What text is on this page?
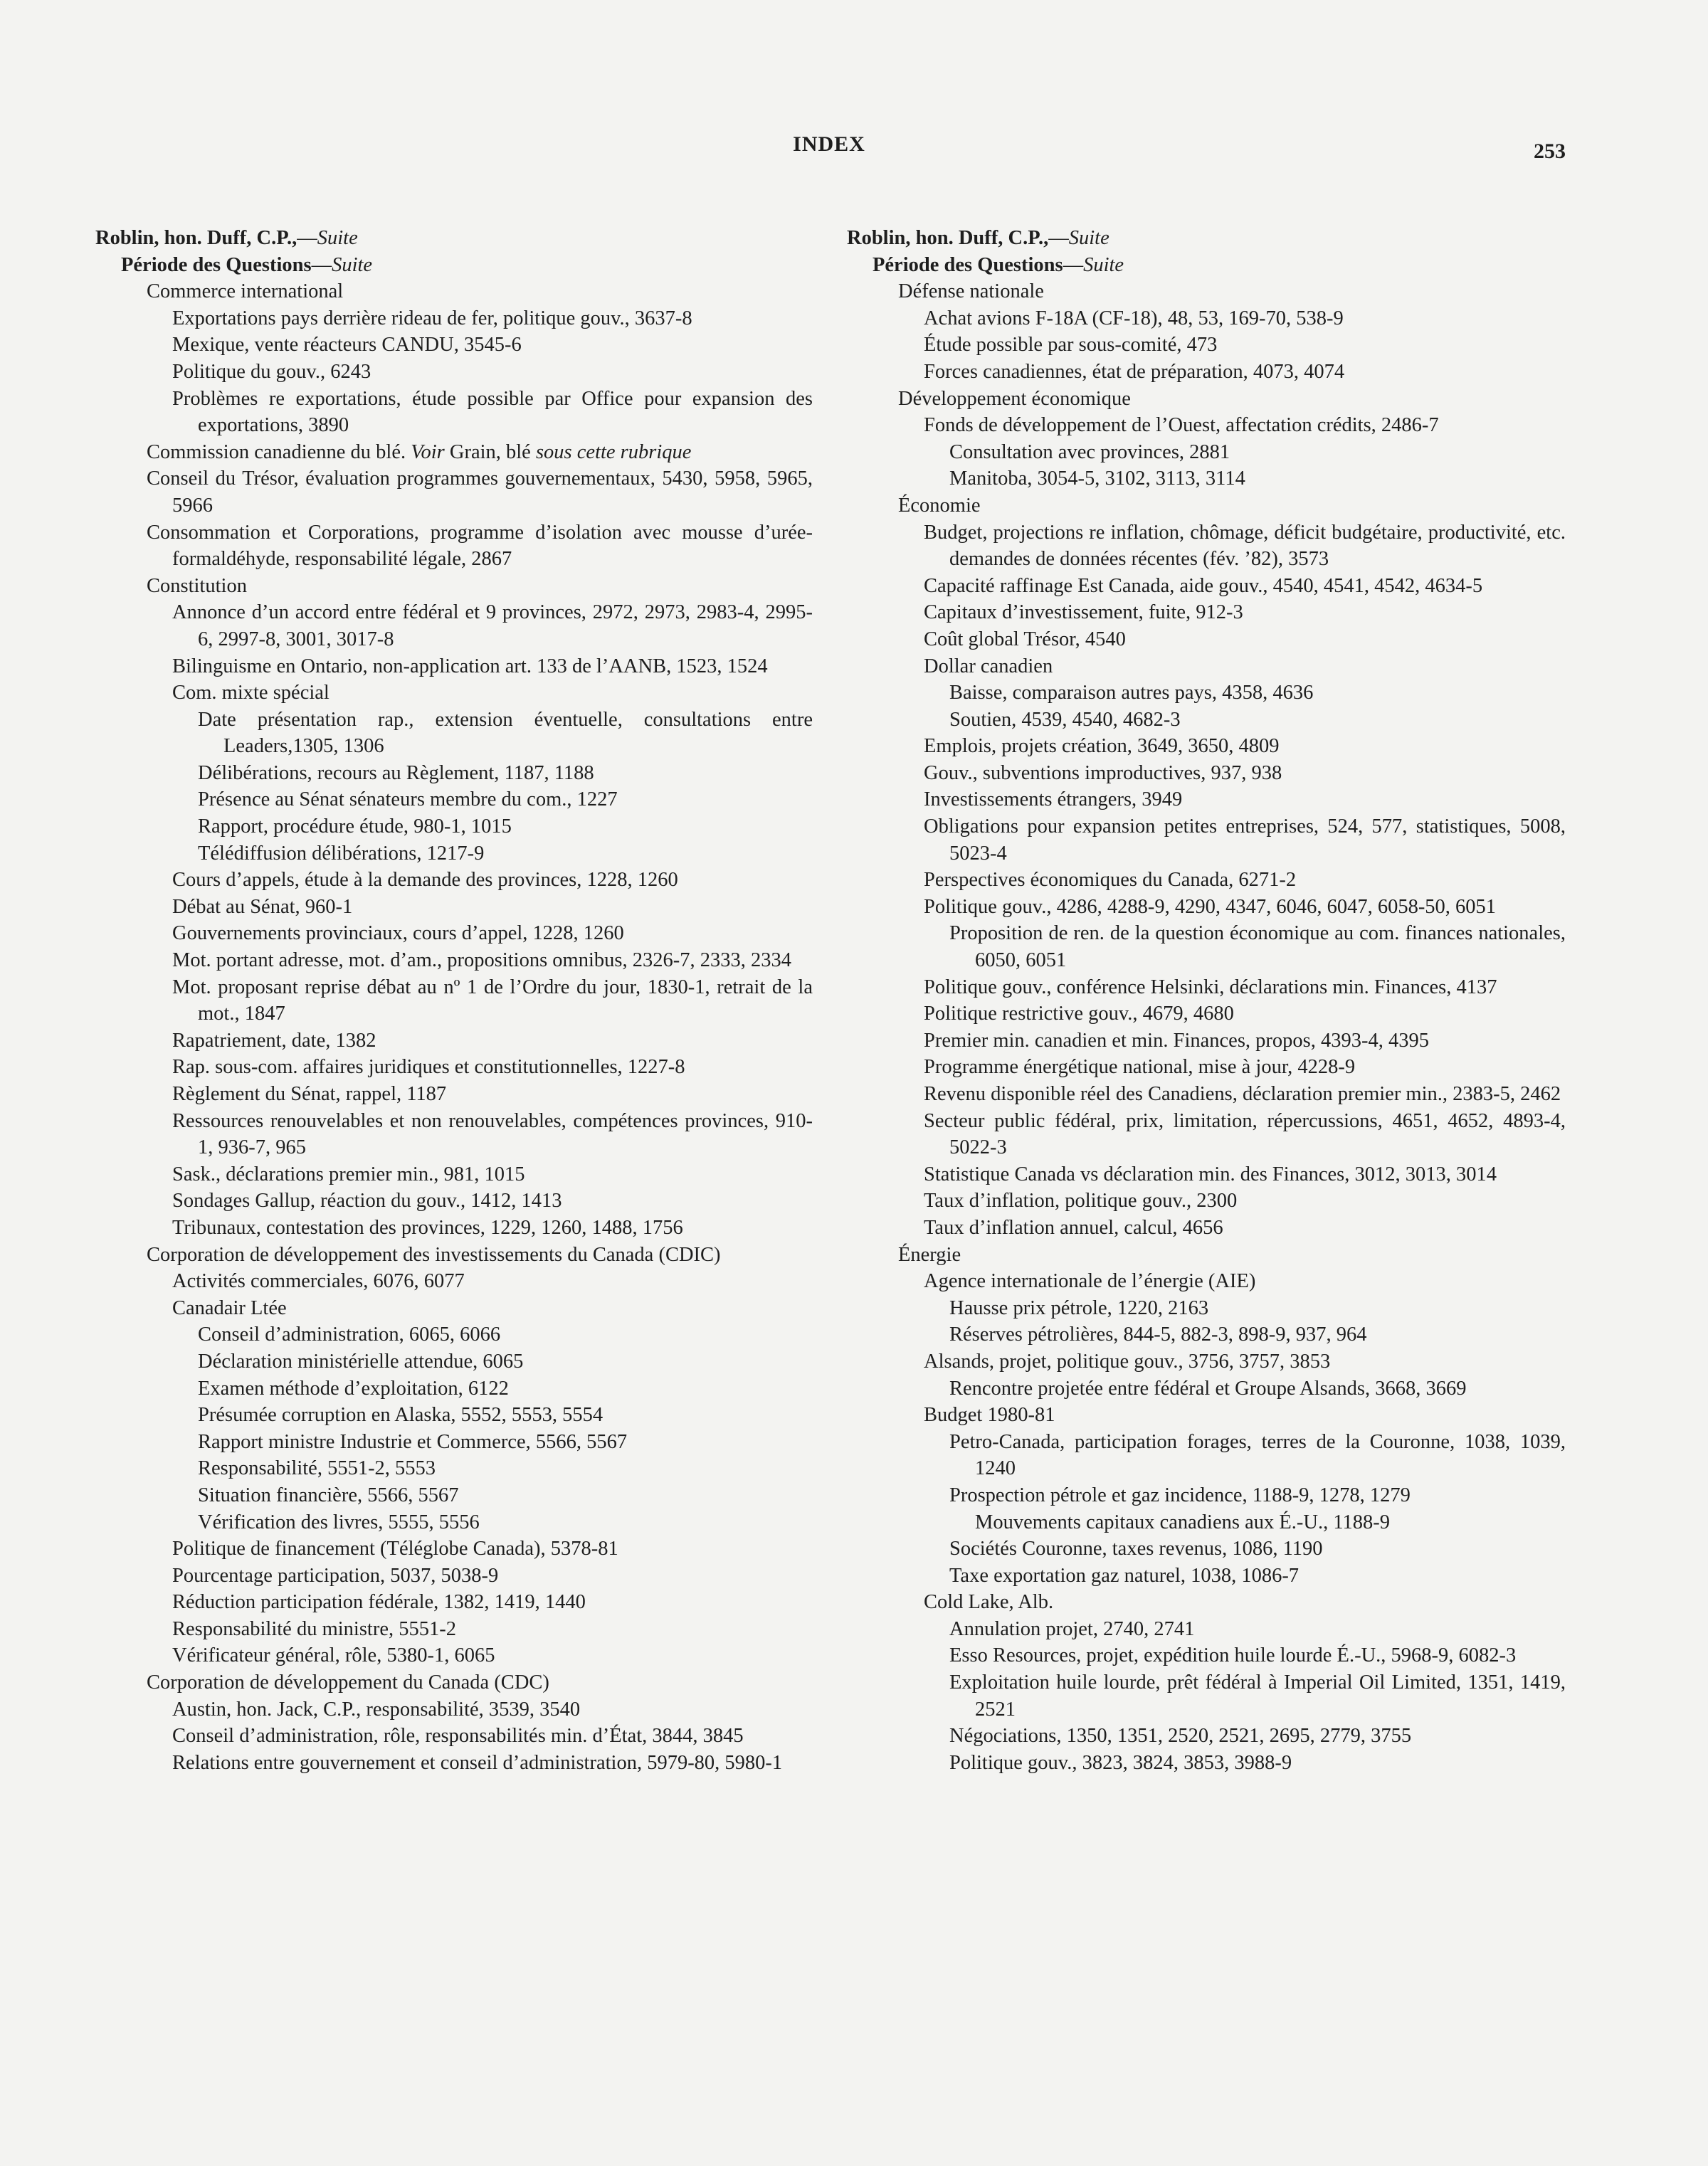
INDEX	253
Roblin, hon. Duff, C.P.,—Suite
Période des Questions—Suite
Commerce international
Exportations pays derrière rideau de fer, politique gouv., 3637-8
Mexique, vente réacteurs CANDU, 3545-6
Politique du gouv., 6243
Problèmes re exportations, étude possible par Office pour expansion des exportations, 3890
Commission canadienne du blé. Voir Grain, blé sous cette rubrique
Conseil du Trésor, évaluation programmes gouvernementaux, 5430, 5958, 5965, 5966
Consommation et Corporations, programme d’isolation avec mousse d’urée-formaldéhyde, responsabilité légale, 2867
Constitution
Annonce d’un accord entre fédéral et 9 provinces, 2972, 2973, 2983-4, 2995-6, 2997-8, 3001, 3017-8
Bilinguisme en Ontario, non-application art. 133 de l’AANB, 1523, 1524
Com. mixte spécial
Date présentation rap., extension éventuelle, consultations entre Leaders,1305, 1306
Délibérations, recours au Règlement, 1187, 1188
Présence au Sénat sénateurs membre du com., 1227
Rapport, procédure étude, 980-1, 1015
Télédiffusion délibérations, 1217-9
Cours d’appels, étude à la demande des provinces, 1228, 1260
Débat au Sénat, 960-1
Gouvernements provinciaux, cours d’appel, 1228, 1260
Mot. portant adresse, mot. d’am., propositions omnibus, 2326-7, 2333, 2334
Mot. proposant reprise débat au nº 1 de l’Ordre du jour, 1830-1, retrait de la mot., 1847
Rapatriement, date, 1382
Rap. sous-com. affaires juridiques et constitutionnelles, 1227-8
Règlement du Sénat, rappel, 1187
Ressources renouvelables et non renouvelables, compétences provinces, 910-1, 936-7, 965
Sask., déclarations premier min., 981, 1015
Sondages Gallup, réaction du gouv., 1412, 1413
Tribunaux, contestation des provinces, 1229, 1260, 1488, 1756
Corporation de développement des investissements du Canada (CDIC)
Activités commerciales, 6076, 6077
Canadair Ltée
Conseil d’administration, 6065, 6066
Déclaration ministérielle attendue, 6065
Examen méthode d’exploitation, 6122
Présumée corruption en Alaska, 5552, 5553, 5554
Rapport ministre Industrie et Commerce, 5566, 5567
Responsabilité, 5551-2, 5553
Situation financière, 5566, 5567
Vérification des livres, 5555, 5556
Politique de financement (Téléglobe Canada), 5378-81
Pourcentage participation, 5037, 5038-9
Réduction participation fédérale, 1382, 1419, 1440
Responsabilité du ministre, 5551-2
Vérificateur général, rôle, 5380-1, 6065
Corporation de développement du Canada (CDC)
Austin, hon. Jack, C.P., responsabilité, 3539, 3540
Conseil d’administration, rôle, responsabilités min. d’État, 3844, 3845
Relations entre gouvernement et conseil d’administration, 5979-80, 5980-1
Roblin, hon. Duff, C.P.,—Suite
Période des Questions—Suite
Défense nationale
Achat avions F-18A (CF-18), 48, 53, 169-70, 538-9
Étude possible par sous-comité, 473
Forces canadiennes, état de préparation, 4073, 4074
Développement économique
Fonds de développement de l’Ouest, affectation crédits, 2486-7
Consultation avec provinces, 2881
Manitoba, 3054-5, 3102, 3113, 3114
Économie
Budget, projections re inflation, chômage, déficit budgétaire, productivité, etc. demandes de données récentes (fév. ’82), 3573
Capacité raffinage Est Canada, aide gouv., 4540, 4541, 4542, 4634-5
Capitaux d’investissement, fuite, 912-3
Coût global Trésor, 4540
Dollar canadien
Baisse, comparaison autres pays, 4358, 4636
Soutien, 4539, 4540, 4682-3
Emplois, projets création, 3649, 3650, 4809
Gouv., subventions improductives, 937, 938
Investissements étrangers, 3949
Obligations pour expansion petites entreprises, 524, 577, statistiques, 5008, 5023-4
Perspectives économiques du Canada, 6271-2
Politique gouv., 4286, 4288-9, 4290, 4347, 6046, 6047, 6058-50, 6051
Proposition de ren. de la question économique au com. finances nationales, 6050, 6051
Politique gouv., conférence Helsinki, déclarations min. Finances, 4137
Politique restrictive gouv., 4679, 4680
Premier min. canadien et min. Finances, propos, 4393-4, 4395
Programme énergétique national, mise à jour, 4228-9
Revenu disponible réel des Canadiens, déclaration premier min., 2383-5, 2462
Secteur public fédéral, prix, limitation, répercussions, 4651, 4652, 4893-4, 5022-3
Statistique Canada vs déclaration min. des Finances, 3012, 3013, 3014
Taux d’inflation, politique gouv., 2300
Taux d’inflation annuel, calcul, 4656
Énergie
Agence internationale de l’énergie (AIE)
Hausse prix pétrole, 1220, 2163
Réserves pétrolières, 844-5, 882-3, 898-9, 937, 964
Alsands, projet, politique gouv., 3756, 3757, 3853
Rencontre projetée entre fédéral et Groupe Alsands, 3668, 3669
Budget 1980-81
Petro-Canada, participation forages, terres de la Couronne, 1038, 1039, 1240
Prospection pétrole et gaz incidence, 1188-9, 1278, 1279
Mouvements capitaux canadiens aux É.-U., 1188-9
Sociétés Couronne, taxes revenus, 1086, 1190
Taxe exportation gaz naturel, 1038, 1086-7
Cold Lake, Alb.
Annulation projet, 2740, 2741
Esso Resources, projet, expédition huile lourde É.-U., 5968-9, 6082-3
Exploitation huile lourde, prêt fédéral à Imperial Oil Limited, 1351, 1419, 2521
Négociations, 1350, 1351, 2520, 2521, 2695, 2779, 3755
Politique gouv., 3823, 3824, 3853, 3988-9
